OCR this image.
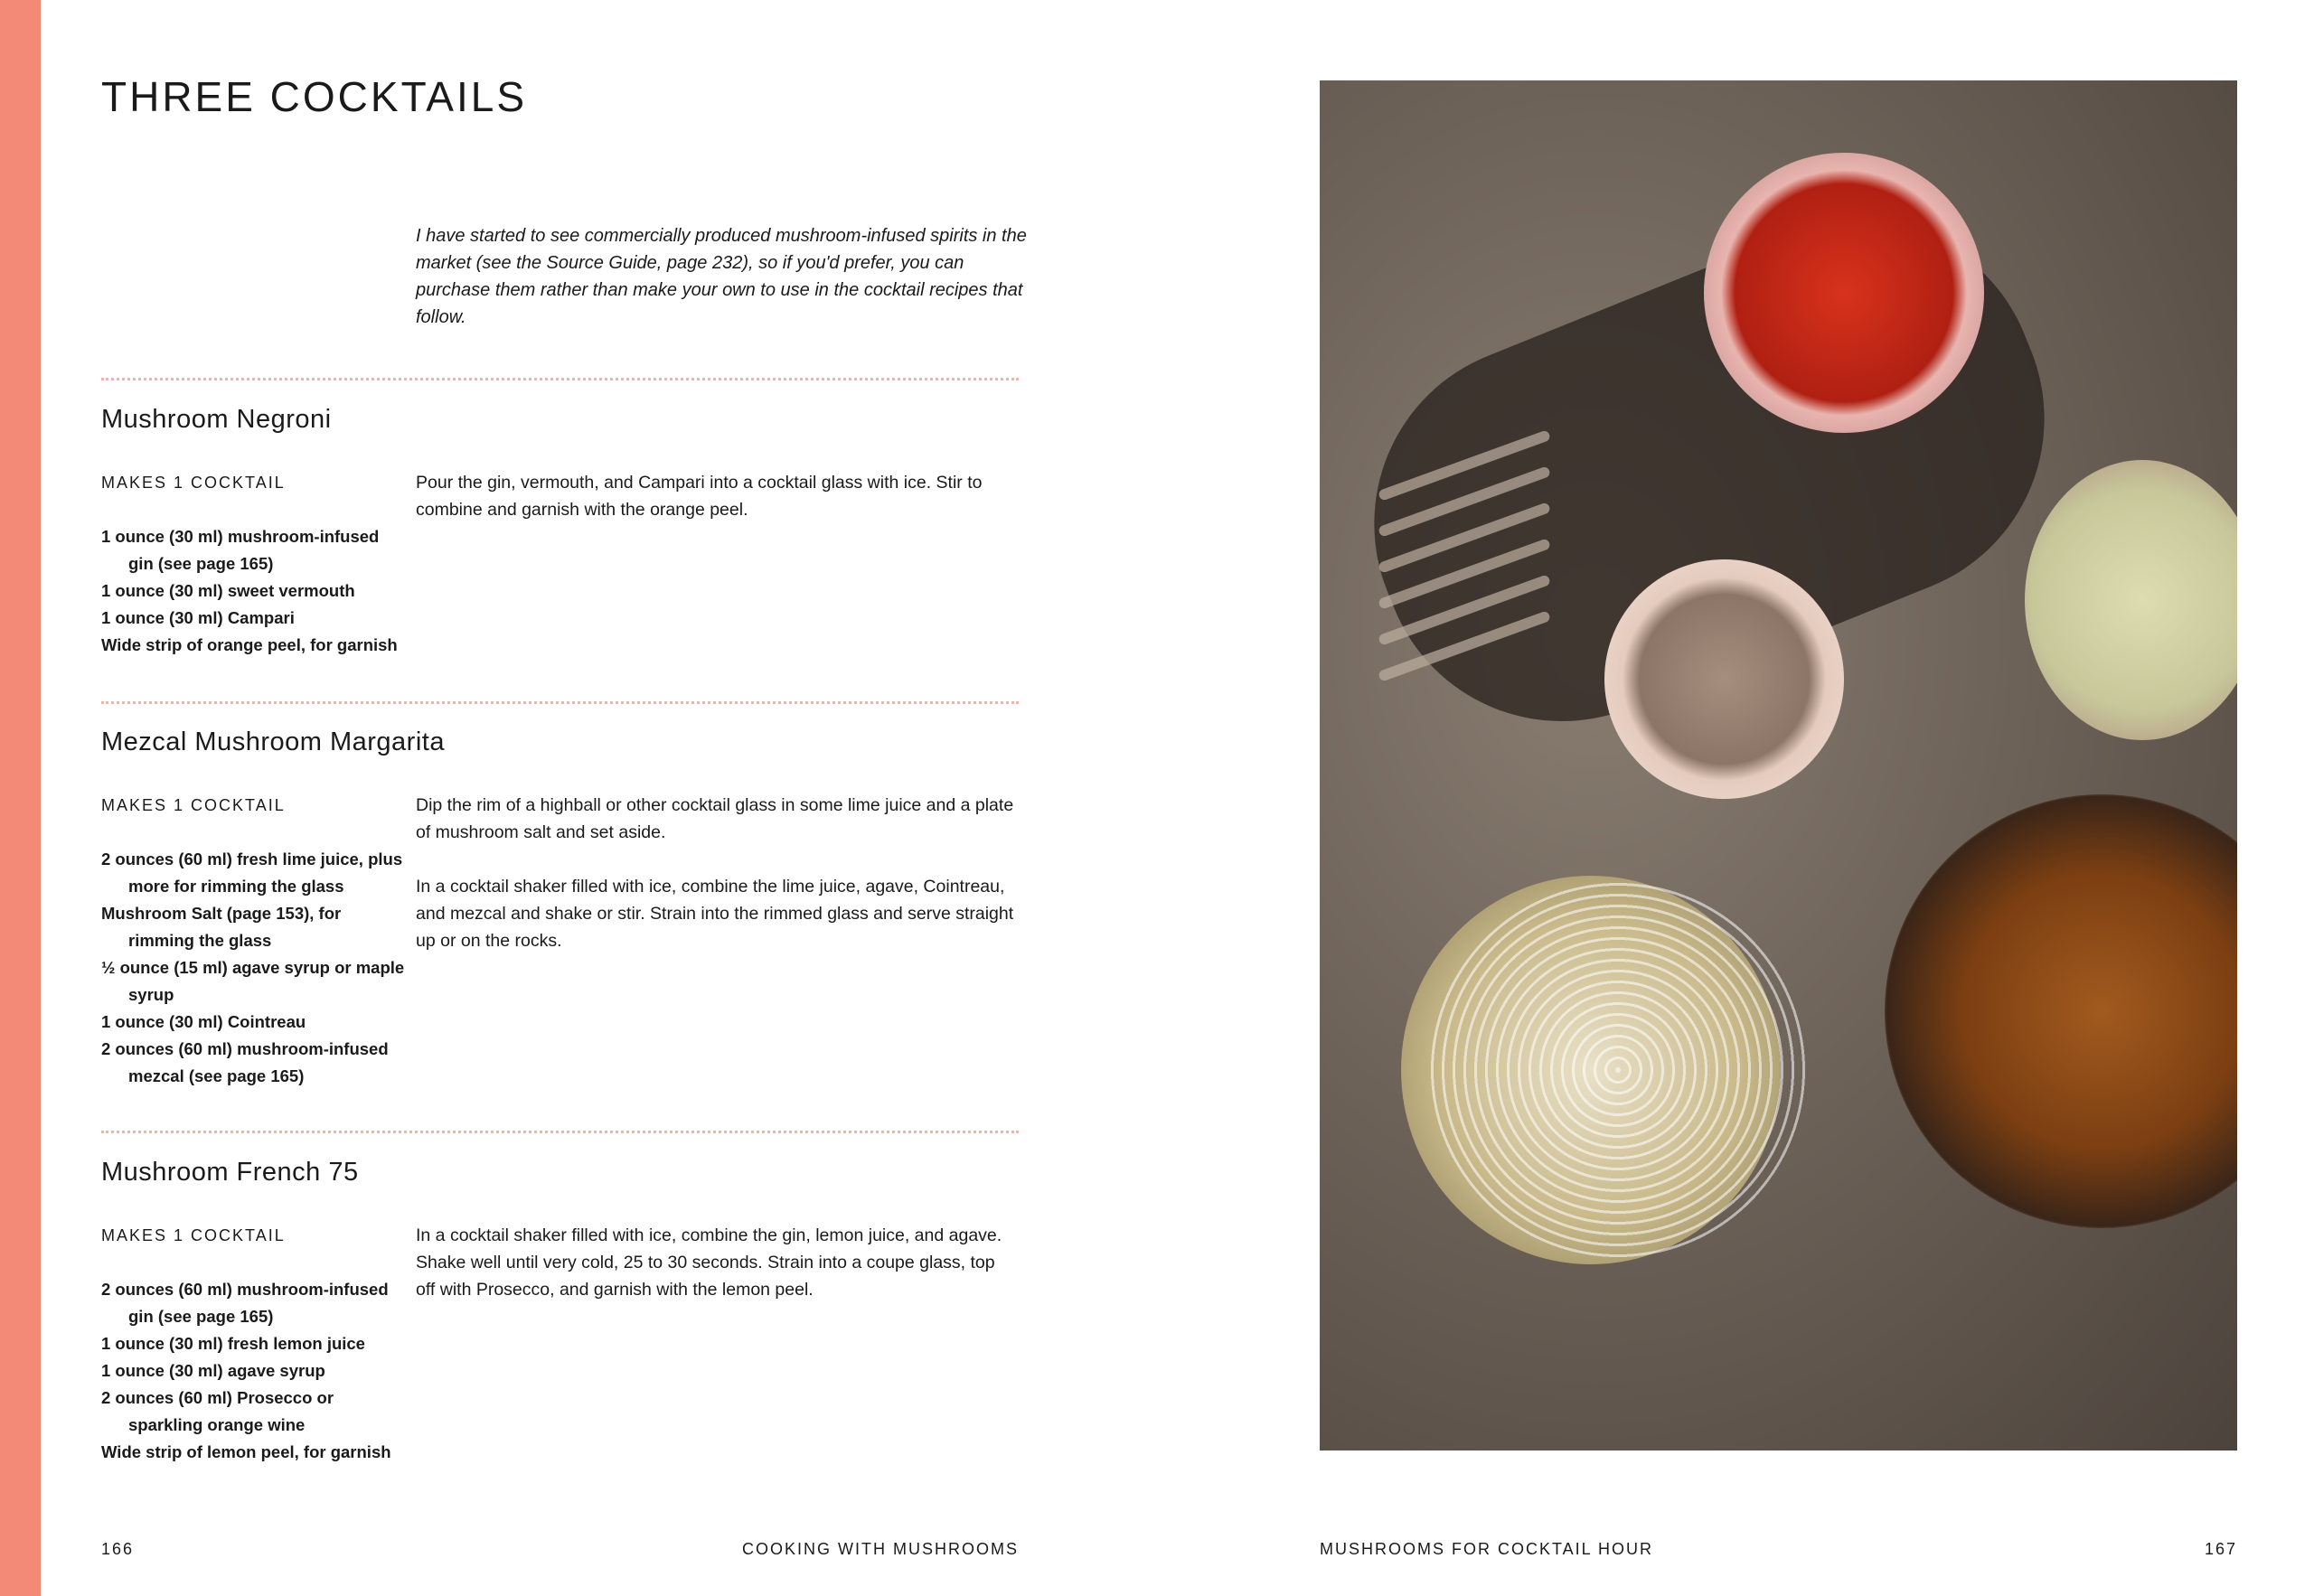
THREE COCKTAILS

I have started to see commercially produced mushroom-infused spirits in the market (see the Source Guide, page 232), so if you'd prefer, you can purchase them rather than make your own to use in the cocktail recipes that follow.

Mushroom Negroni
MAKES 1 COCKTAIL
1 ounce (30 ml) mushroom-infused gin (see page 165)
1 ounce (30 ml) sweet vermouth
1 ounce (30 ml) Campari
Wide strip of orange peel, for garnish

Pour the gin, vermouth, and Campari into a cocktail glass with ice. Stir to combine and garnish with the orange peel.

Mezcal Mushroom Margarita
MAKES 1 COCKTAIL
2 ounces (60 ml) fresh lime juice, plus more for rimming the glass
Mushroom Salt (page 153), for rimming the glass
½ ounce (15 ml) agave syrup or maple syrup
1 ounce (30 ml) Cointreau
2 ounces (60 ml) mushroom-infused mezcal (see page 165)

Dip the rim of a highball or other cocktail glass in some lime juice and a plate of mushroom salt and set aside.

In a cocktail shaker filled with ice, combine the lime juice, agave, Cointreau, and mezcal and shake or stir. Strain into the rimmed glass and serve straight up or on the rocks.

Mushroom French 75
MAKES 1 COCKTAIL
2 ounces (60 ml) mushroom-infused gin (see page 165)
1 ounce (30 ml) fresh lemon juice
1 ounce (30 ml) agave syrup
2 ounces (60 ml) Prosecco or sparkling orange wine
Wide strip of lemon peel, for garnish

In a cocktail shaker filled with ice, combine the gin, lemon juice, and agave. Shake well until very cold, 25 to 30 seconds. Strain into a coupe glass, top off with Prosecco, and garnish with the lemon peel.

166	COOKING WITH MUSHROOMS	MUSHROOMS FOR COCKTAIL HOUR	167
